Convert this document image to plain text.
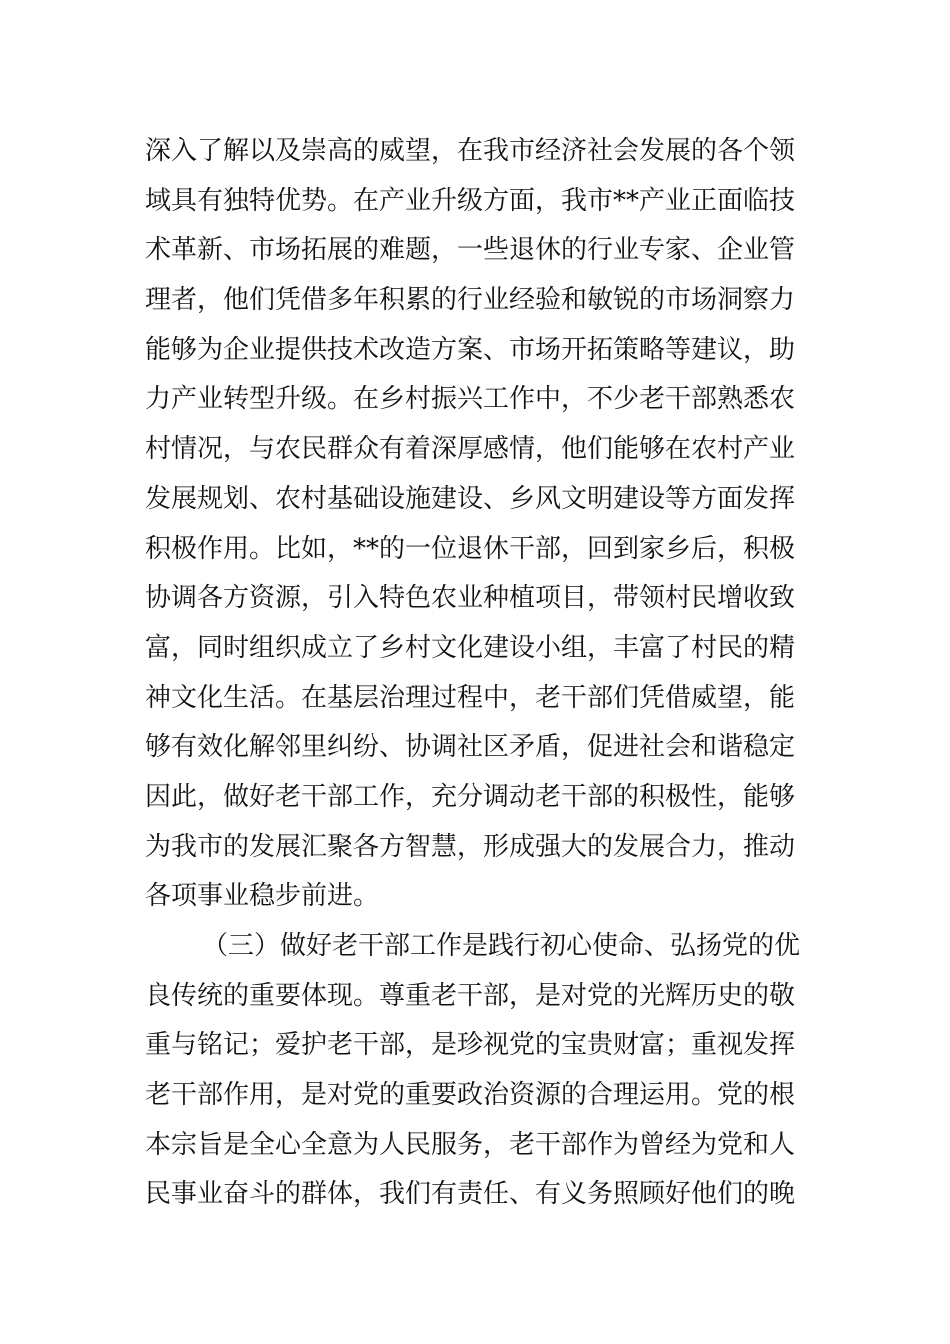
深入了解以及崇高的威望，在我市经济社会发展的各个领
域具有独特优势。在产业升级方面，我市**产业正面临技
术革新、市场拓展的难题，一些退休的行业专家、企业管
理者，他们凭借多年积累的行业经验和敏锐的市场洞察力
能够为企业提供技术改造方案、市场开拓策略等建议，助
力产业转型升级。在乡村振兴工作中，不少老干部熟悉农
村情况，与农民群众有着深厚感情，他们能够在农村产业
发展规划、农村基础设施建设、乡风文明建设等方面发挥
积极作用。比如，**的一位退休干部，回到家乡后，积极
协调各方资源，引入特色农业种植项目，带领村民增收致
富，同时组织成立了乡村文化建设小组，丰富了村民的精
神文化生活。在基层治理过程中，老干部们凭借威望，能
够有效化解邻里纠纷、协调社区矛盾，促进社会和谐稳定
因此，做好老干部工作，充分调动老干部的积极性，能够
为我市的发展汇聚各方智慧，形成强大的发展合力，推动
各项事业稳步前进。
（三）做好老干部工作是践行初心使命、弘扬党的优
良传统的重要体现。尊重老干部，是对党的光辉历史的敬
重与铭记；爱护老干部，是珍视党的宝贵财富；重视发挥
老干部作用，是对党的重要政治资源的合理运用。党的根
本宗旨是全心全意为人民服务，老干部作为曾经为党和人
民事业奋斗的群体，我们有责任、有义务照顾好他们的晚
